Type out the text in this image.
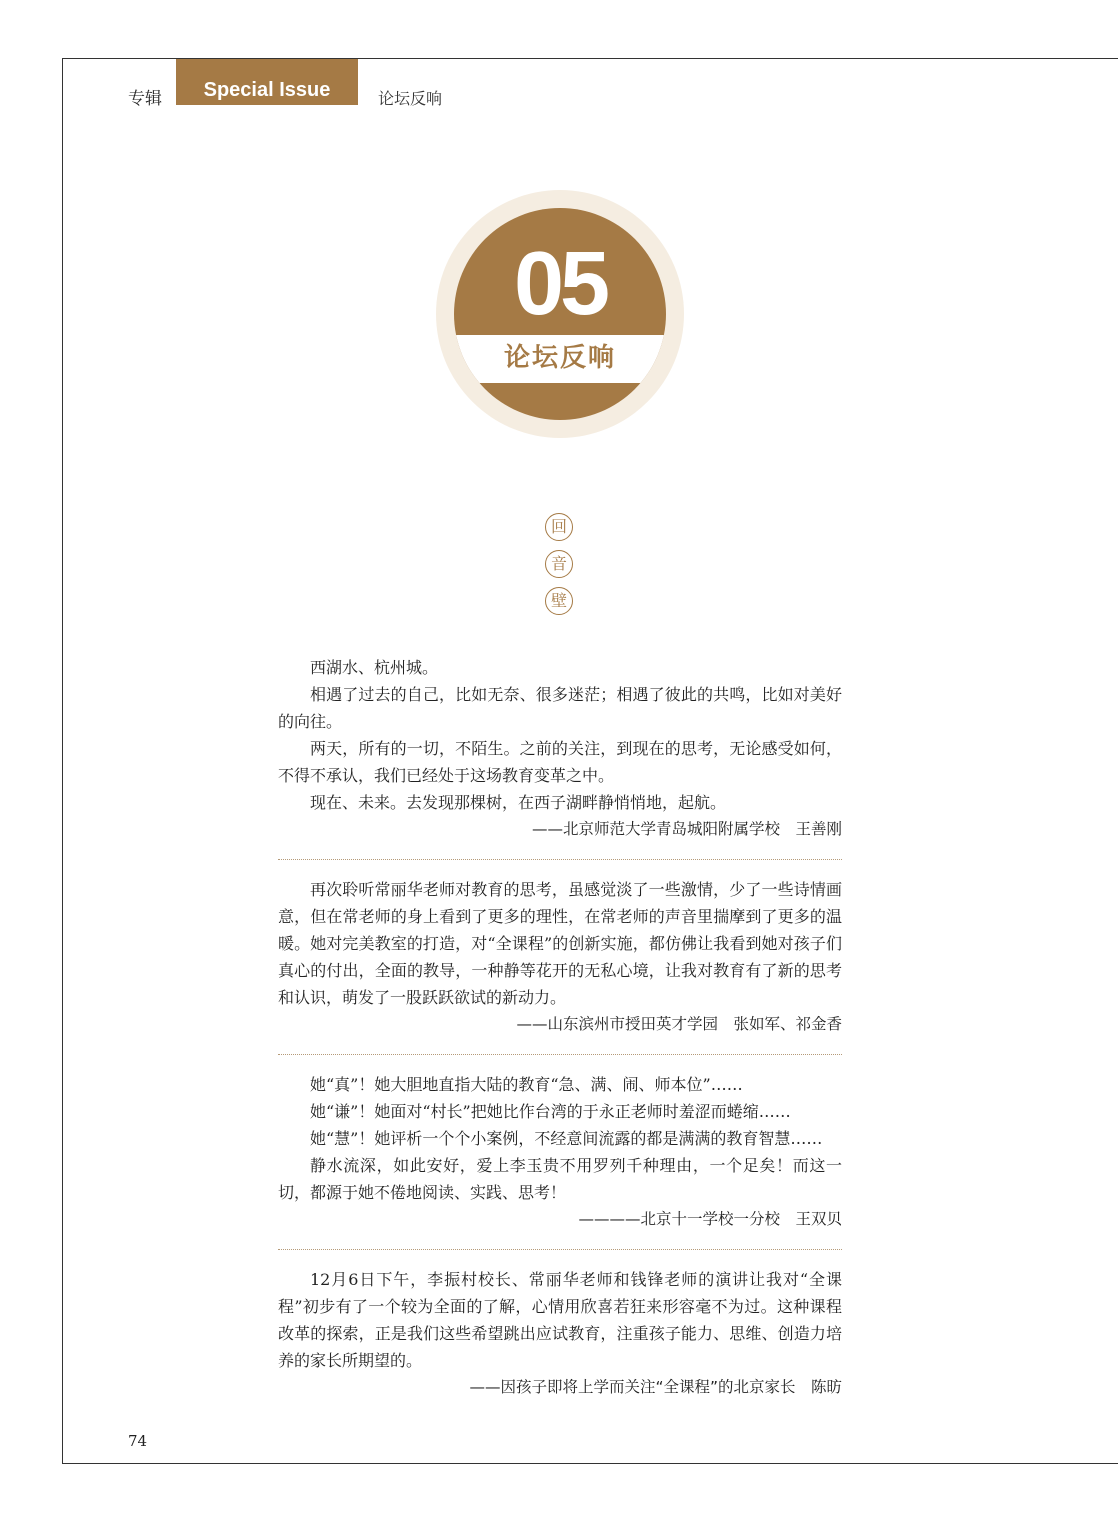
专辑 Special Issue	论坛反响
05
论坛反响
回
音
壁

西湖水、杭州城。

相遇了过去的自己，比如无奈、很多迷茫；相遇了彼此的共鸣，比如对美好的向往。

两天，所有的一切，不陌生。之前的关注，到现在的思考，无论感受如何，不得不承认，我们已经处于这场教育变革之中。

现在、未来。去发现那棵树，在西子湖畔静悄悄地，起航。

——北京师范大学青岛城阳附属学校　王善刚

再次聆听常丽华老师对教育的思考，虽感觉淡了一些激情，少了一些诗情画意，但在常老师的身上看到了更多的理性，在常老师的声音里揣摩到了更多的温暖。她对完美教室的打造，对“全课程”的创新实施，都仿佛让我看到她对孩子们真心的付出，全面的教导，一种静等花开的无私心境，让我对教育有了新的思考和认识，萌发了一股跃跃欲试的新动力。

——山东滨州市授田英才学园　张如军、祁金香

她“真”！她大胆地直指大陆的教育“急、满、闹、师本位”……

她“谦”！她面对“村长”把她比作台湾的于永正老师时羞涩而蜷缩……

她“慧”！她评析一个个小案例，不经意间流露的都是满满的教育智慧……

静水流深，如此安好，爱上李玉贵不用罗列千种理由，一个足矣！而这一切，都源于她不倦地阅读、实践、思考！

————北京十一学校一分校　王双贝

12月6日下午，李振村校长、常丽华老师和钱锋老师的演讲让我对“全课程”初步有了一个较为全面的了解，心情用欣喜若狂来形容毫不为过。这种课程改革的探索，正是我们这些希望跳出应试教育，注重孩子能力、思维、创造力培养的家长所期望的。

——因孩子即将上学而关注“全课程”的北京家长　陈昉

74
